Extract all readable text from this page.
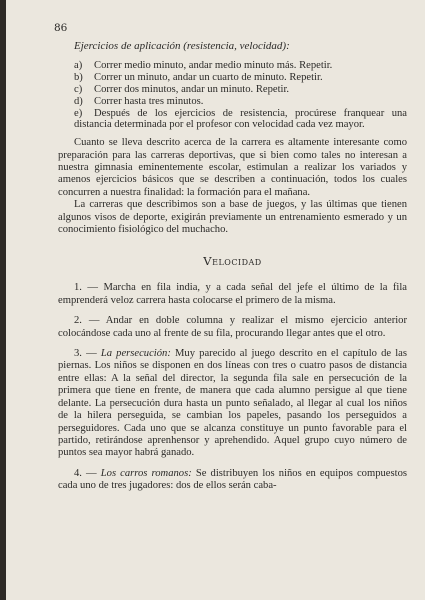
86

Ejercicios de aplicación (resistencia, velocidad):

a) Correr medio minuto, andar medio minuto más. Repetir.
b) Correr un minuto, andar un cuarto de minuto. Repetir.
c) Correr dos minutos, andar un minuto. Repetir.
d) Correr hasta tres minutos.
e) Después de los ejercicios de resistencia, procúrese franquear una distancia determinada por el profesor con velocidad cada vez mayor.

Cuanto se lleva descrito acerca de la carrera es altamente interesante como preparación para las carreras deportivas, que si bien como tales no interesan a nuestra gimnasia eminentemente escolar, estimulan a realizar los variados y amenos ejercicios básicos que se describen a continuación, todos los cuales concurren a nuestra finalidad: la formación para el mañana.

La carreras que describimos son a base de juegos, y las últimas que tienen algunos visos de deporte, exigirán previamente un entrenamiento esmerado y un conocimiento fisiológico del muchacho.

Velocidad

1. — Marcha en fila india, y a cada señal del jefe el último de la fila emprenderá veloz carrera hasta colocarse el primero de la misma.

2. — Andar en doble columna y realizar el mismo ejercicio anterior colocándose cada uno al frente de su fila, procurando llegar antes que el otro.

3. — La persecución: Muy parecido al juego descrito en el capítulo de las piernas. Los niños se disponen en dos líneas con tres o cuatro pasos de distancia entre ellas: A la señal del director, la segunda fila sale en persecución de la primera que tiene en frente, de manera que cada alumno persigue al que tiene delante. La persecución dura hasta un punto señalado, al llegar al cual los niños de la hilera perseguida, se cambian los papeles, pasando los perseguidos a perseguidores. Cada uno que se alcanza constituye un punto favorable para el partido, retirándose aprenhensor y aprehendido. Aquel grupo cuyo número de puntos sea mayor habrá ganado.

4. — Los carros romanos: Se distribuyen los niños en equipos compuestos cada uno de tres jugadores: dos de ellos serán caba-
